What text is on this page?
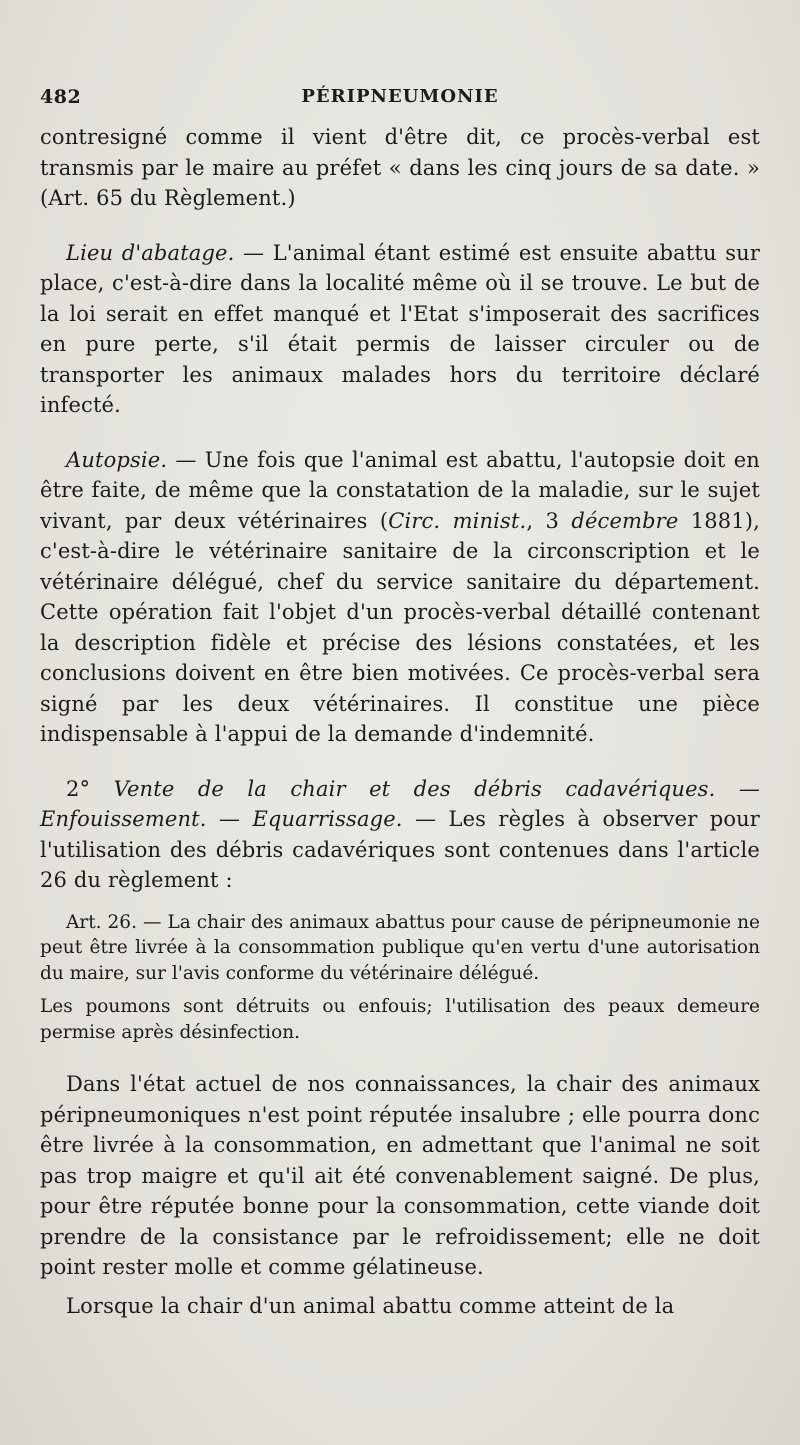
482	PÉRIPNEUMONIE

contresigné comme il vient d'être dit, ce procès-verbal est transmis par le maire au préfet « dans les cinq jours de sa date. » (Art. 65 du Règlement.)

Lieu d'abatage. — L'animal étant estimé est ensuite abattu sur place, c'est-à-dire dans la localité même où il se trouve. Le but de la loi serait en effet manqué et l'Etat s'imposerait des sacrifices en pure perte, s'il était permis de laisser circuler ou de transporter les animaux malades hors du territoire déclaré infecté.

Autopsie. — Une fois que l'animal est abattu, l'autopsie doit en être faite, de même que la constatation de la maladie, sur le sujet vivant, par deux vétérinaires (Circ. minist., 3 décembre 1881), c'est-à-dire le vétérinaire sanitaire de la circonscription et le vétérinaire délégué, chef du service sanitaire du département. Cette opération fait l'objet d'un procès-verbal détaillé contenant la description fidèle et précise des lésions constatées, et les conclusions doivent en être bien motivées. Ce procès-verbal sera signé par les deux vétérinaires. Il constitue une pièce indispensable à l'appui de la demande d'indemnité.

2° Vente de la chair et des débris cadavériques. — Enfouissement. — Equarrissage. — Les règles à observer pour l'utilisation des débris cadavériques sont contenues dans l'article 26 du règlement :

Art. 26. — La chair des animaux abattus pour cause de péripneumonie ne peut être livrée à la consommation publique qu'en vertu d'une autorisation du maire, sur l'avis conforme du vétérinaire délégué.

Les poumons sont détruits ou enfouis; l'utilisation des peaux demeure permise après désinfection.

Dans l'état actuel de nos connaissances, la chair des animaux péripneumoniques n'est point réputée insalubre ; elle pourra donc être livrée à la consommation, en admettant que l'animal ne soit pas trop maigre et qu'il ait été convenablement saigné. De plus, pour être réputée bonne pour la consommation, cette viande doit prendre de la consistance par le refroidissement; elle ne doit point rester molle et comme gélatineuse.

Lorsque la chair d'un animal abattu comme atteint de la
